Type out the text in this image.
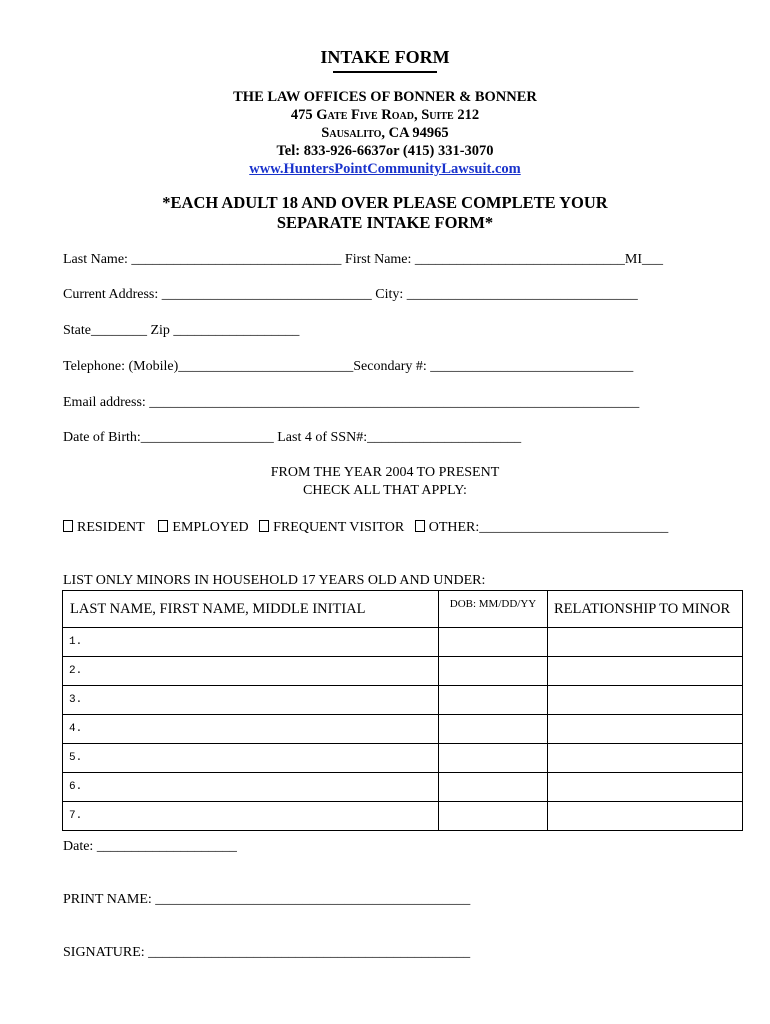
INTAKE FORM
THE LAW OFFICES OF BONNER & BONNER
475 Gate Five Road, Suite 212
Sausalito, CA 94965
Tel: 833-926-6637or (415) 331-3070
www.HuntersPointCommunityLawsuit.com
*EACH ADULT 18 AND OVER PLEASE COMPLETE YOUR
SEPARATE INTAKE FORM*
Last Name: ______________________________ First Name: ______________________________MI___
Current Address: ______________________________ City: _________________________________
State________ Zip __________________
Telephone: (Mobile)_________________________Secondary #: _____________________________
Email address: ______________________________________________________________________
Date of Birth:___________________ Last 4 of SSN#:______________________
FROM THE YEAR 2004 TO PRESENT
CHECK ALL THAT APPLY:
RESIDENT EMPLOYED FREQUENT VISITOR OTHER:___________________________
LIST ONLY MINORS IN HOUSEHOLD 17 YEARS OLD AND UNDER:
LAST NAME, FIRST NAME, MIDDLE INITIAL	DOB: MM/DD/YY	RELATIONSHIP TO MINOR
1.		
2.		
3.		
4.		
5.		
6.		
7.		
Date: ____________________
PRINT NAME: _____________________________________________
SIGNATURE: ______________________________________________
